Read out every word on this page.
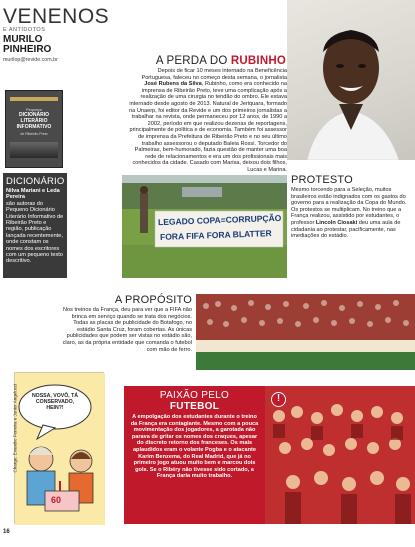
VENENOS
E ANTÍDOTOS
MURILO
PINHEIRO
murilop@revide.com.br
Pequeno
DICIONÁRIO
LITERÁRIO
INFORMATIVO
de Ribeirão Preto
DICIONÁRIO
Nilva Mariani e Leda Pereira
são autoras do Pequeno Dicionário Literário Informativo de Ribeirão Preto e região, publicação lançada recentemente, onde constam os nomes dos escritores com um pequeno texto descritivo.
A PERDA DO RUBINHO
Depois de ficar 10 meses internado na Beneficência Portuguesa, faleceu no começo desta semana, o jornalista José Rubens da Silva, Rubinho, como era conhecido na imprensa de Ribeirão Preto, teve uma complicação após a realização de uma cirurgia no tendão do ombro. Ele estava internado desde agosto de 2013. Natural de Jeriquara, formado na Unaerp, foi editor da Revide e um dos primeiros jornalistas a trabalhar na revista, onde permaneceu por 12 anos, de 1990 a 2002, período em que realizou dezenas de reportagens, principalmente de política e de economia. Também foi assessor de imprensa da Prefeitura de Ribeirão Preto e no seu último trabalho assessorou o deputado Baleia Rossi. Torcedor do Palmeiras, bem-humorado, fazia questão de manter uma boa rede de relacionamentos e era um dos profissionais mais conhecidos da cidade. Casado com Marisa, deixou dois filhos, Lucas e Marina.
LEGADO COPA=CORRUPÇÃO
FORA FIFA FORA BLATTER
PROTESTO
Mesmo torcendo para a Seleção, muitos brasileiros estão indignados com os gastos do governo para a realização da Copa do Mundo. Os protestos se multiplicam. No treino que a França realizou, assistido por estudantes, o professor Lincoln Ciosaki deu uma aula de cidadania ao protestar, pacificamente, nas imediações do estádio.
A PROPÓSITO
Nos treinos da França, deu para ver que a FIFA não brinca em serviço quando se trata dos negócios. Todas as placas de publicidade do Botafogo, no estádio Santa Cruz, foram cobertas. As únicas publicidades que podem ser vistas no estádio são, claro, as da própria entidade que comanda o futebol com mão de ferro.
NOSSA, VOVÔ, TÁ CONSERVADO, HEIN?!
60
Charge: Evandro Ferreira e Junior Angelucci	PAIXÃO PELO
FUTEBOL
A empolgação dos estudantes durante o treino da França era contagiante. Mesmo com a pouca movimentação dos jogadores, a garotada não parava de gritar os nomes dos craques, apesar do discreto retorno dos franceses. Os mais aplaudidos eram o volante Pogba e o atacante Karim Benzema, do Real Madrid, que já no primeiro jogo atuou muito bem e marcou dois gols. Se o Ribéry não tivesse sido cortado, a França daria muito trabalho.
!
16
